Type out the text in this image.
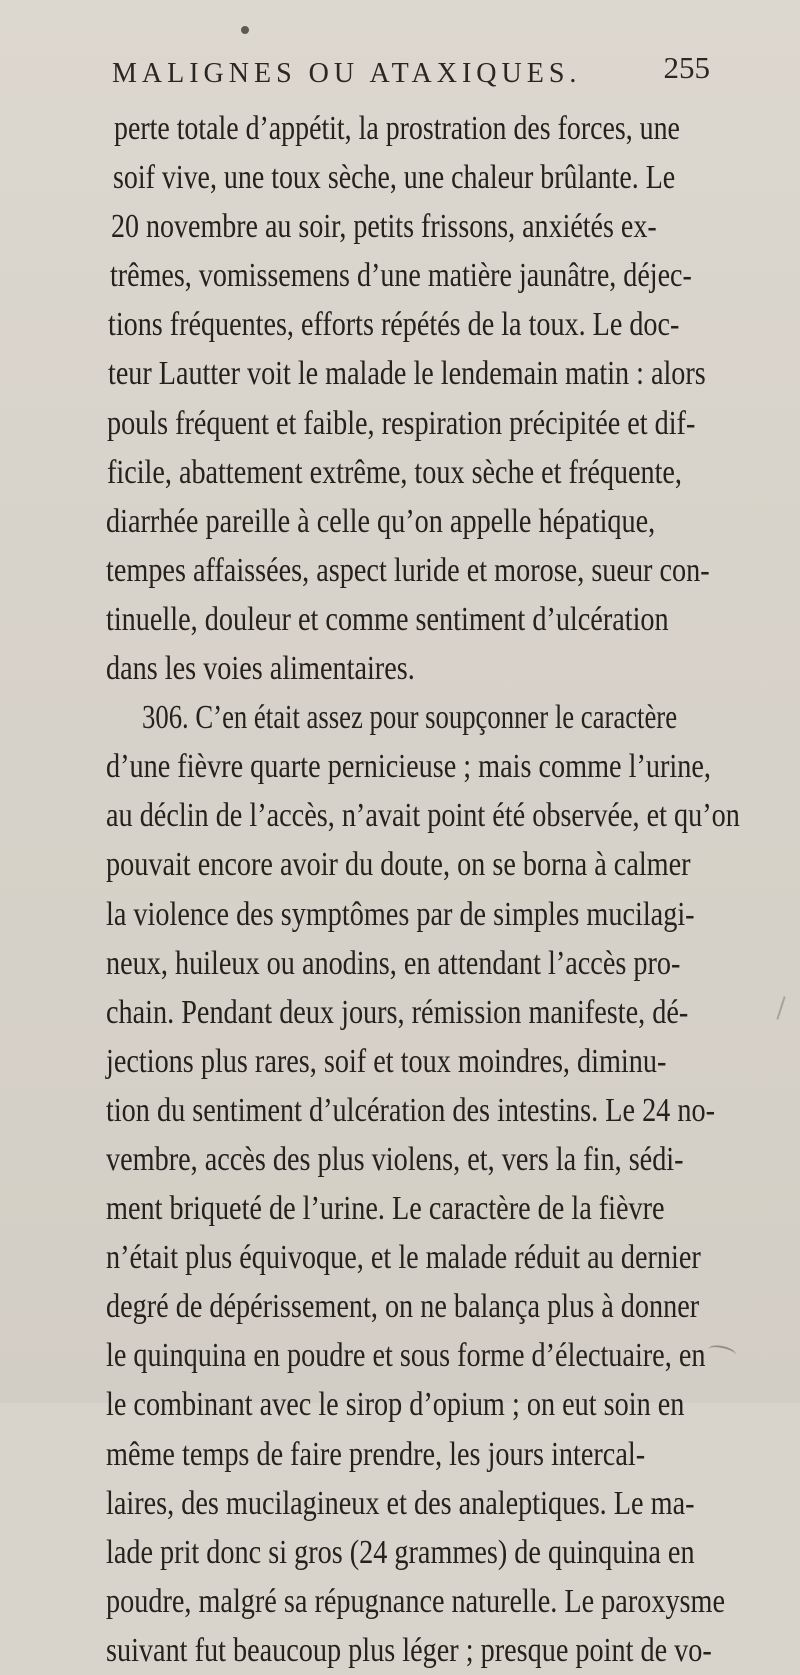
MALIGNES OU ATAXIQUES.	255
perte totale d’appétit, la prostration des forces, une
soif vive, une toux sèche, une chaleur brûlante. Le
20 novembre au soir, petits frissons, anxiétés ex-
trêmes, vomissemens d’une matière jaunâtre, déjec-
tions fréquentes, efforts répétés de la toux. Le doc-
teur Lautter voit le malade le lendemain matin : alors
pouls fréquent et faible, respiration précipitée et dif-
ficile, abattement extrême, toux sèche et fréquente,
diarrhée pareille à celle qu’on appelle hépatique,
tempes affaissées, aspect luride et morose, sueur con-
tinuelle, douleur et comme sentiment d’ulcération
dans les voies alimentaires.
306. C’en était assez pour soupçonner le caractère
d’une fièvre quarte pernicieuse ; mais comme l’urine,
au déclin de l’accès, n’avait point été observée, et qu’on
pouvait encore avoir du doute, on se borna à calmer
la violence des symptômes par de simples mucilagi-
neux, huileux ou anodins, en attendant l’accès pro-
chain. Pendant deux jours, rémission manifeste, dé-
jections plus rares, soif et toux moindres, diminu-
tion du sentiment d’ulcération des intestins. Le 24 no-
vembre, accès des plus violens, et, vers la fin, sédi-
ment briqueté de l’urine. Le caractère de la fièvre
n’était plus équivoque, et le malade réduit au dernier
degré de dépérissement, on ne balança plus à donner
le quinquina en poudre et sous forme d’électuaire, en
le combinant avec le sirop d’opium ; on eut soin en
même temps de faire prendre, les jours intercal-
laires, des mucilagineux et des analeptiques. Le ma-
lade prit donc si gros (24 grammes) de quinquina en
poudre, malgré sa répugnance naturelle. Le paroxysme
suivant fut beaucoup plus léger ; presque point de vo-
